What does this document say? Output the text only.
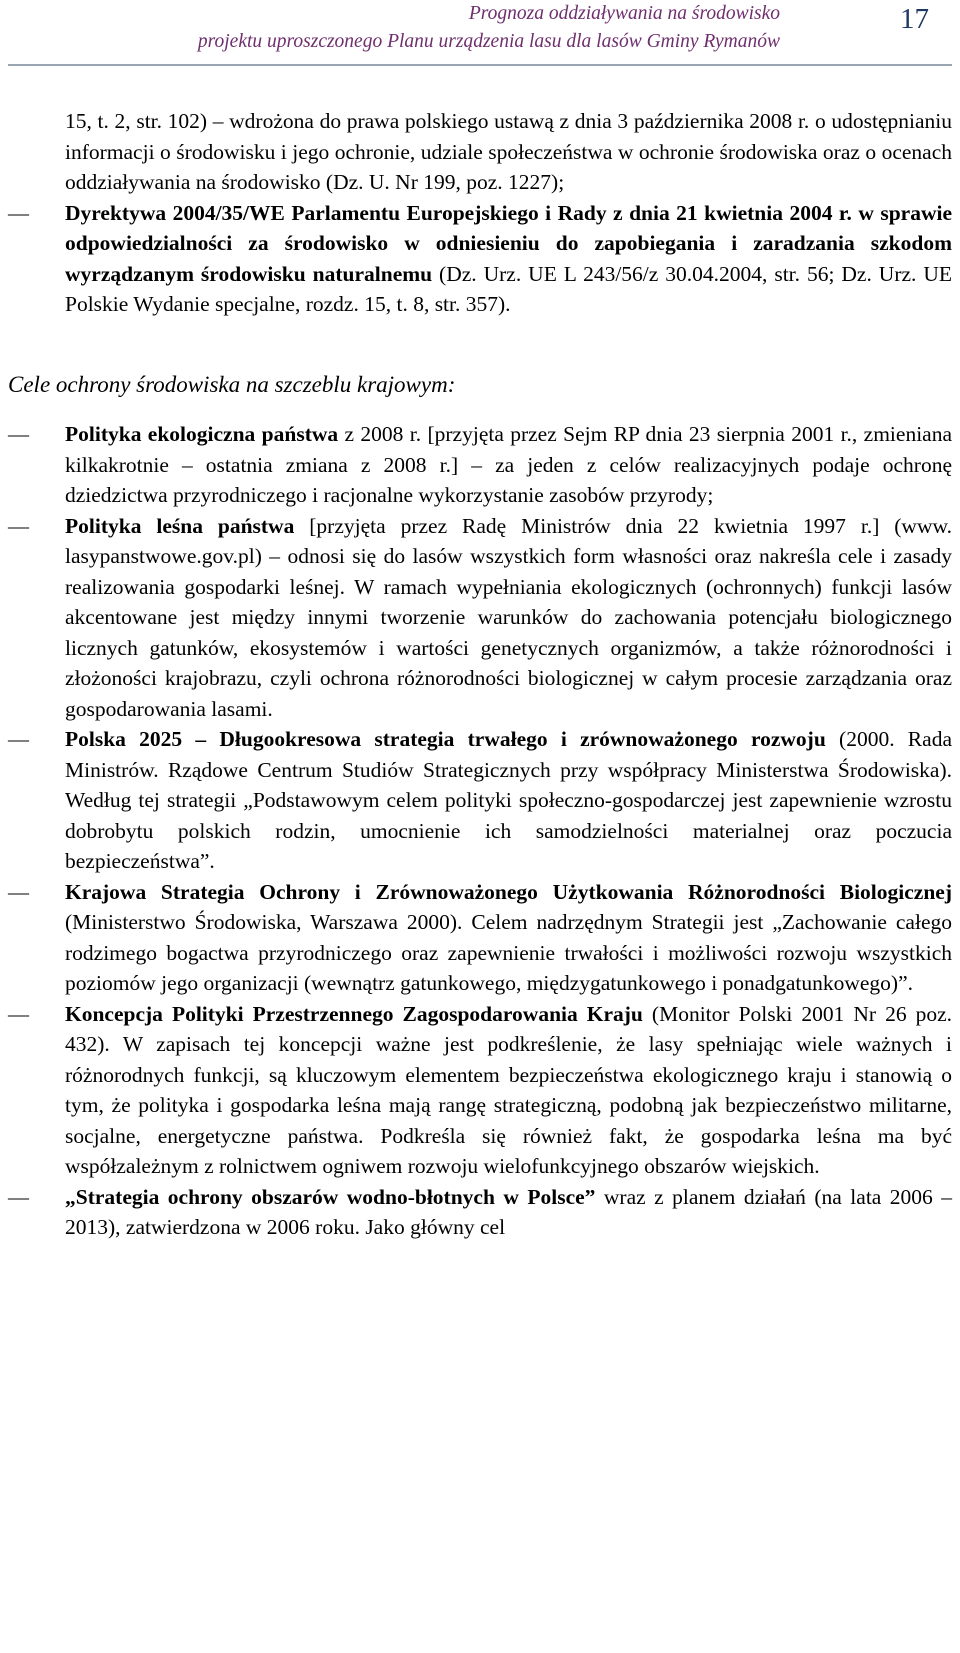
Prognoza oddziaływania na środowisko
projektu uproszczonego Planu urządzenia lasu dla lasów Gminy Rymanów
17
15, t. 2, str. 102) – wdrożona do prawa polskiego ustawą z dnia 3 października 2008 r. o udostępnianiu informacji o środowisku i jego ochronie, udziale społeczeństwa w ochronie środowiska oraz o ocenach oddziaływania na środowisko (Dz. U. Nr 199, poz. 1227);
— Dyrektywa 2004/35/WE Parlamentu Europejskiego i Rady z dnia 21 kwietnia 2004 r. w sprawie odpowiedzialności za środowisko w odniesieniu do zapobiegania i zaradzania szkodom wyrządzanym środowisku naturalnemu (Dz. Urz. UE L 243/56/z 30.04.2004, str. 56; Dz. Urz. UE Polskie Wydanie specjalne, rozdz. 15, t. 8, str. 357).
Cele ochrony środowiska na szczeblu krajowym:
— Polityka ekologiczna państwa z 2008 r. [przyjęta przez Sejm RP dnia 23 sierpnia 2001 r., zmieniana kilkakrotnie – ostatnia zmiana z 2008 r.] – za jeden z celów realizacyjnych podaje ochronę dziedzictwa przyrodniczego i racjonalne wykorzystanie zasobów przyrody;
— Polityka leśna państwa [przyjęta przez Radę Ministrów dnia 22 kwietnia 1997 r.] (www. lasypanstwowe.gov.pl) – odnosi się do lasów wszystkich form własności oraz nakreśla cele i zasady realizowania gospodarki leśnej. W ramach wypełniania ekologicznych (ochronnych) funkcji lasów akcentowane jest między innymi tworzenie warunków do zachowania potencjału biologicznego licznych gatunków, ekosystemów i wartości genetycznych organizmów, a także różnorodności i złożoności krajobrazu, czyli ochrona różnorodności biologicznej w całym procesie zarządzania oraz gospodarowania lasami.
— Polska 2025 – Długookresowa strategia trwałego i zrównoważonego rozwoju (2000. Rada Ministrów. Rządowe Centrum Studiów Strategicznych przy współpracy Ministerstwa Środowiska). Według tej strategii „Podstawowym celem polityki społeczno-gospodarczej jest zapewnienie wzrostu dobrobytu polskich rodzin, umocnienie ich samodzielności materialnej oraz poczucia bezpieczeństwa”.
— Krajowa Strategia Ochrony i Zrównoważonego Użytkowania Różnorodności Biologicznej (Ministerstwo Środowiska, Warszawa 2000). Celem nadrzędnym Strategii jest „Zachowanie całego rodzimego bogactwa przyrodniczego oraz zapewnienie trwałości i możliwości rozwoju wszystkich poziomów jego organizacji (wewnątrz gatunkowego, międzygatunkowego i ponadgatunkowego)”.
— Koncepcja Polityki Przestrzennego Zagospodarowania Kraju (Monitor Polski 2001 Nr 26 poz. 432). W zapisach tej koncepcji ważne jest podkreślenie, że lasy spełniając wiele ważnych i różnorodnych funkcji, są kluczowym elementem bezpieczeństwa ekologicznego kraju i stanowią o tym, że polityka i gospodarka leśna mają rangę strategiczną, podobną jak bezpieczeństwo militarne, socjalne, energetyczne państwa. Podkreśla się również fakt, że gospodarka leśna ma być współzależnym z rolnictwem ogniwem rozwoju wielofunkcyjnego obszarów wiejskich.
— „Strategia ochrony obszarów wodno-błotnych w Polsce” wraz z planem działań (na lata 2006 – 2013), zatwierdzona w 2006 roku. Jako główny cel
